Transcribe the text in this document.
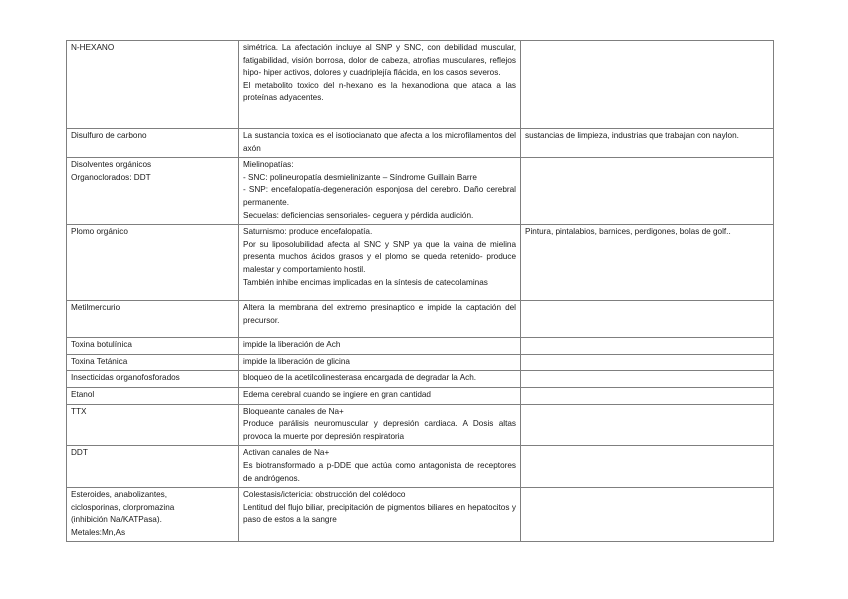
N-HEXANO	simétrica. La afectación incluye al SNP y SNC, con debilidad muscular, fatigabilidad, visión borrosa, dolor de cabeza, atrofias musculares, reflejos hipo- hiper activos, dolores y cuadriplejía flácida, en los casos severos.
El metabolito toxico del n-hexano es la hexanodiona que ataca a las proteínas adyacentes.	

Disulfuro de carbono	La sustancia toxica es el isotiocianato que afecta a los microfilamentos del axón	sustancias de limpieza, industrias que trabajan con naylon.

Disolventes orgánicos
Organoclorados: DDT	Mielinopatías:
- SNC: polineuropatía desmielinizante – Síndrome Guillain Barre
- SNP: encefalopatía-degeneración esponjosa del cerebro. Daño cerebral permanente.
Secuelas: deficiencias sensoriales- ceguera y pérdida audición.	

Plomo orgánico	Saturnismo: produce encefalopatía.
Por su liposolubilidad afecta al SNC y SNP ya que la vaina de mielina presenta muchos ácidos grasos y el plomo se queda retenido- produce malestar y comportamiento hostil.
También inhibe encimas implicadas en la síntesis de catecolaminas	Pintura, pintalabios, barnices, perdigones, bolas de golf..

Metilmercurio	Altera la membrana del extremo presinaptico e impide la captación del precursor.	

Toxina botulínica	impide la liberación de Ach	

Toxina Tetánica	impide la liberación de glicina	

Insecticidas organofosforados	bloqueo de la acetilcolinesterasa encargada de degradar la Ach.	

Etanol	Edema cerebral cuando se ingiere en gran cantidad	

TTX	Bloqueante canales de Na+
Produce parálisis neuromuscular y depresión cardiaca. A Dosis altas provoca la muerte por depresión respiratoria	

DDT	Activan canales de Na+
Es biotransformado a p-DDE que actúa como antagonista de receptores de andrógenos.	

Esteroides, anabolizantes,
ciclosporinas, clorpromazina
(inhibición Na/KATPasa).
Metales:Mn,As	Colestasis/ictericia: obstrucción del colédoco
Lentitud del flujo biliar, precipitación de pigmentos biliares en hepatocitos y paso de estos a la sangre	
